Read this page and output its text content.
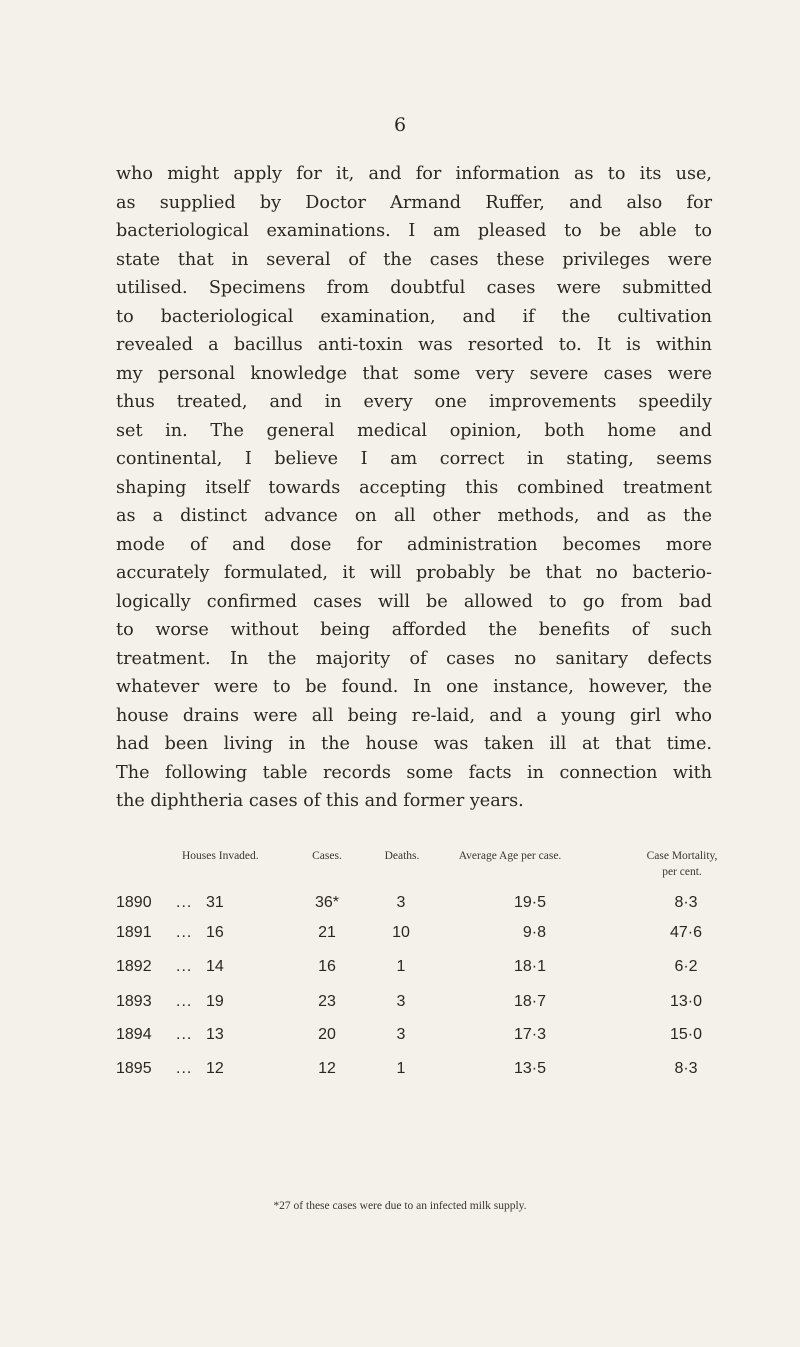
6
who might apply for it, and for information as to its use,
as supplied by Doctor Armand Ruffer, and also for
bacteriological examinations. I am pleased to be able to
state that in several of the cases these privileges were
utilised. Specimens from doubtful cases were submitted
to bacteriological examination, and if the cultivation
revealed a bacillus anti-toxin was resorted to. It is within
my personal knowledge that some very severe cases were
thus treated, and in every one improvements speedily
set in. The general medical opinion, both home and
continental, I believe I am correct in stating, seems
shaping itself towards accepting this combined treatment
as a distinct advance on all other methods, and as the
mode of and dose for administration becomes more
accurately formulated, it will probably be that no bacterio-
logically confirmed cases will be allowed to go from bad
to worse without being afforded the benefits of such
treatment. In the majority of cases no sanitary defects
whatever were to be found. In one instance, however, the
house drains were all being re-laid, and a young girl who
had been living in the house was taken ill at that time.
The following table records some facts in connection with
the diphtheria cases of this and former years.
Houses Invaded.	Cases.	Deaths.	Average Age per case.	Case Mortality,
per cent.
1890 ... 31	36*	3	19·5	8·3
1891 ... 16	21	10	9·8	47·6
1892 ... 14	16	1	18·1	6·2
1893 ... 19	23	3	18·7	13·0
1894 ... 13	20	3	17·3	15·0
1895 ... 12	12	1	13·5	8·3
*27 of these cases were due to an infected milk supply.
